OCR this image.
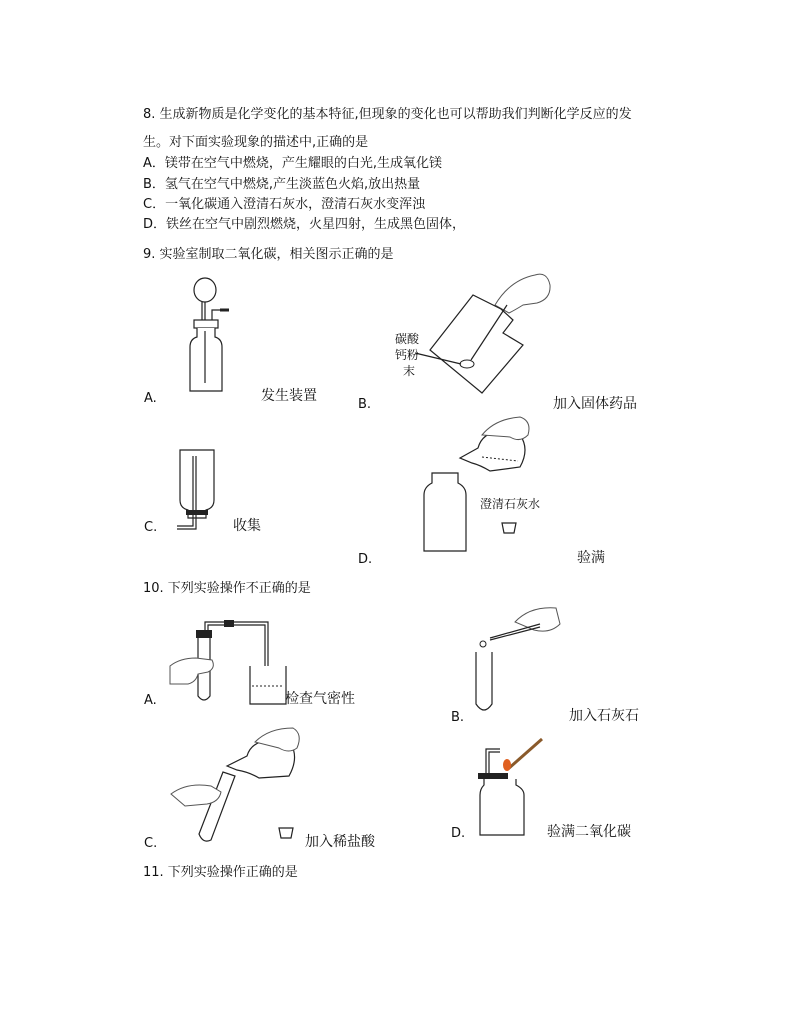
8. 生成新物质是化学变化的基本特征,但现象的变化也可以帮助我们判断化学反应的发
生。对下面实验现象的描述中,正确的是
A．镁带在空气中燃烧，产生耀眼的白光,生成氧化镁
B．氢气在空气中燃烧,产生淡蓝色火焰,放出热量
C．一氧化碳通入澄清石灰水，澄清石灰水变浑浊
D．铁丝在空气中剧烈燃烧，火星四射，生成黑色固体，
9. 实验室制取二氧化碳，相关图示正确的是
A.	发生装置
碳酸
钙粉
末
B.	加入固体药品
C.	收集
澄清石灰水
D.	验满
10. 下列实验操作不正确的是
A.	检查气密性
B.	加入石灰石
C.	加入稀盐酸
D.	验满二氧化碳
11. 下列实验操作正确的是
